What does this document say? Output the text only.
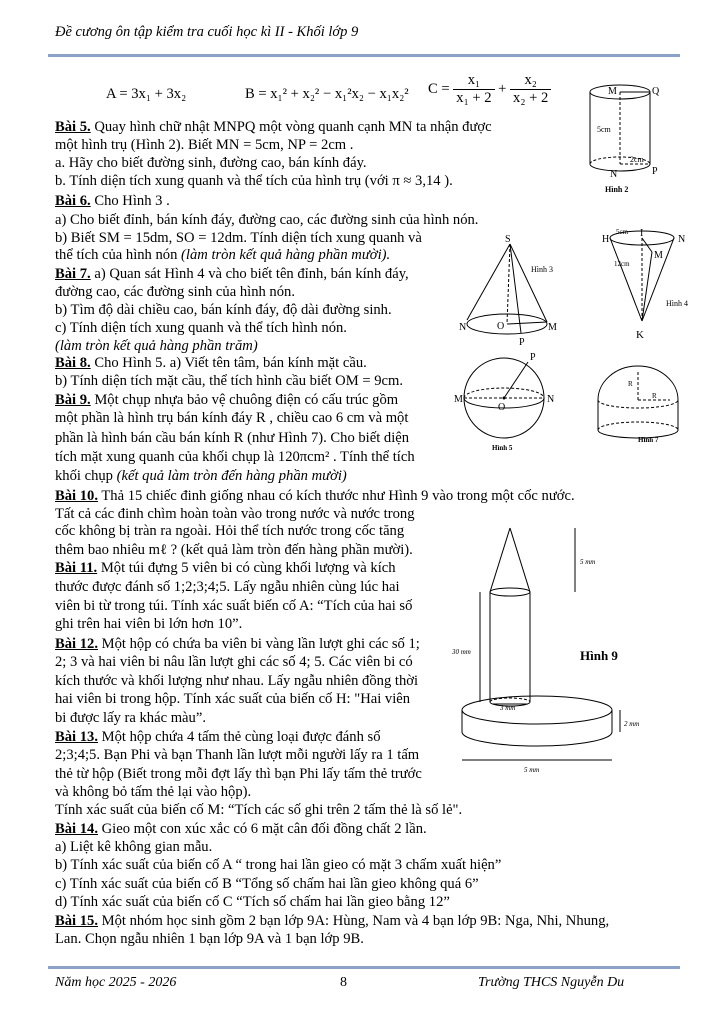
Đề cương ôn tập kiểm tra cuối học kì II - Khối lớp 9
A = 3x₁ + 3x₂	B = x₁² + x₂² − x₁²x₂ − x₁x₂² $C = \frac{\text{x₁}}{\text{x₁ + 2}} + \frac{\text{x₂}}{\text{x₂ + 2}}$
Bài 5. Quay hình chữ nhật MNPQ một vòng quanh cạnh MN ta nhận được
một hình trụ (Hình 2). Biết MN = 5cm, NP = 2cm .
a. Hãy cho biết đường sinh, đường cao, bán kính đáy.
b. Tính diện tích xung quanh và thể tích của hình trụ (với π ≈ 3,14 ).
Bài 6. Cho Hình 3 .
a) Cho biết đỉnh, bán kính đáy, đường cao, các đường sinh của hình nón.
b) Biết SM = 15dm, SO = 12dm. Tính diện tích xung quanh và
thể tích của hình nón (làm tròn kết quả hàng phần mười).
Bài 7. a) Quan sát Hình 4 và cho biết tên đỉnh, bán kính đáy,
đường cao, các đường sinh của hình nón.
b) Tìm độ dài chiều cao, bán kính đáy, độ dài đường sinh.
c) Tính diện tích xung quanh và thể tích hình nón.
(làm tròn kết quả hàng phần trăm)
Bài 8. Cho Hình 5. a) Viết tên tâm, bán kính mặt cầu.
b) Tính diện tích mặt cầu, thể tích hình cầu biết OM = 9cm.
Bài 9. Một chụp nhựa bảo vệ chuông điện có cấu trúc gồm
một phần là hình trụ bán kính đáy R , chiều cao 6 cm và một
phần là hình bán cầu bán kính R (như Hình 7). Cho biết diện
tích mặt xung quanh của khối chụp là 120πcm² . Tính thể tích
khối chụp (kết quả làm tròn đến hàng phần mười)
Bài 10. Thả 15 chiếc đinh giống nhau có kích thước như Hình 9 vào trong một cốc nước.
Tất cả các đinh chìm hoàn toàn vào trong nước và nước trong
cốc không bị tràn ra ngoài. Hỏi thể tích nước trong cốc tăng
thêm bao nhiêu mℓ ? (kết quả làm tròn đến hàng phần mười).
Bài 11. Một túi đựng 5 viên bi có cùng khối lượng và kích
thước được đánh số 1;2;3;4;5. Lấy ngẫu nhiên cùng lúc hai
viên bi từ trong túi. Tính xác suất biến cố A: “Tích của hai số
ghi trên hai viên bi lớn hơn 10”.
Bài 12. Một hộp có chứa ba viên bi vàng lần lượt ghi các số 1;
2; 3 và hai viên bi nâu lần lượt ghi các số 4; 5. Các viên bi có
kích thước và khối lượng như nhau. Lấy ngẫu nhiên đồng thời
hai viên bi trong hộp. Tính xác suất của biến cố H: "Hai viên
bi được lấy ra khác màu”.
Bài 13. Một hộp chứa 4 tấm thẻ cùng loại được đánh số
2;3;4;5. Bạn Phi và bạn Thanh lần lượt mỗi người lấy ra 1 tấm
thẻ từ hộp (Biết trong mỗi đợt lấy thì bạn Phi lấy tấm thẻ trước
và không bỏ tấm thẻ lại vào hộp).
Tính xác suất của biến cố M: “Tích các số ghi trên 2 tấm thẻ là số lẻ".
Bài 14. Gieo một con xúc xắc có 6 mặt cân đối đồng chất 2 lần.
a) Liệt kê không gian mẫu.
b) Tính xác suất của biến cố A “ trong hai lần gieo có mặt 3 chấm xuất hiện”
c) Tính xác suất của biến cố B “Tổng số chấm hai lần gieo không quá 6”
d) Tính xác suất của biến cố C “Tích số chấm hai lần gieo bằng 12”
Bài 15. Một nhóm học sinh gồm 2 bạn lớp 9A: Hùng, Nam và 4 bạn lớp 9B: Nga, Nhi, Nhung,
Lan. Chọn ngẫu nhiên 1 bạn lớp 9A và 1 bạn lớp 9B.
M	Q
N	P
5cm
2cm
Hình 2
S
N	O	M
P
Hình 3
H
I
N
M
K
5cm
12cm
Hình 4
M
O
N
P
Hình 5
R
R
Hình 7
5 mm
30 mm
3 mm
2 mm
5 mm
Hình 9
Năm học 2025 - 2026	8	Trường THCS Nguyễn Du
